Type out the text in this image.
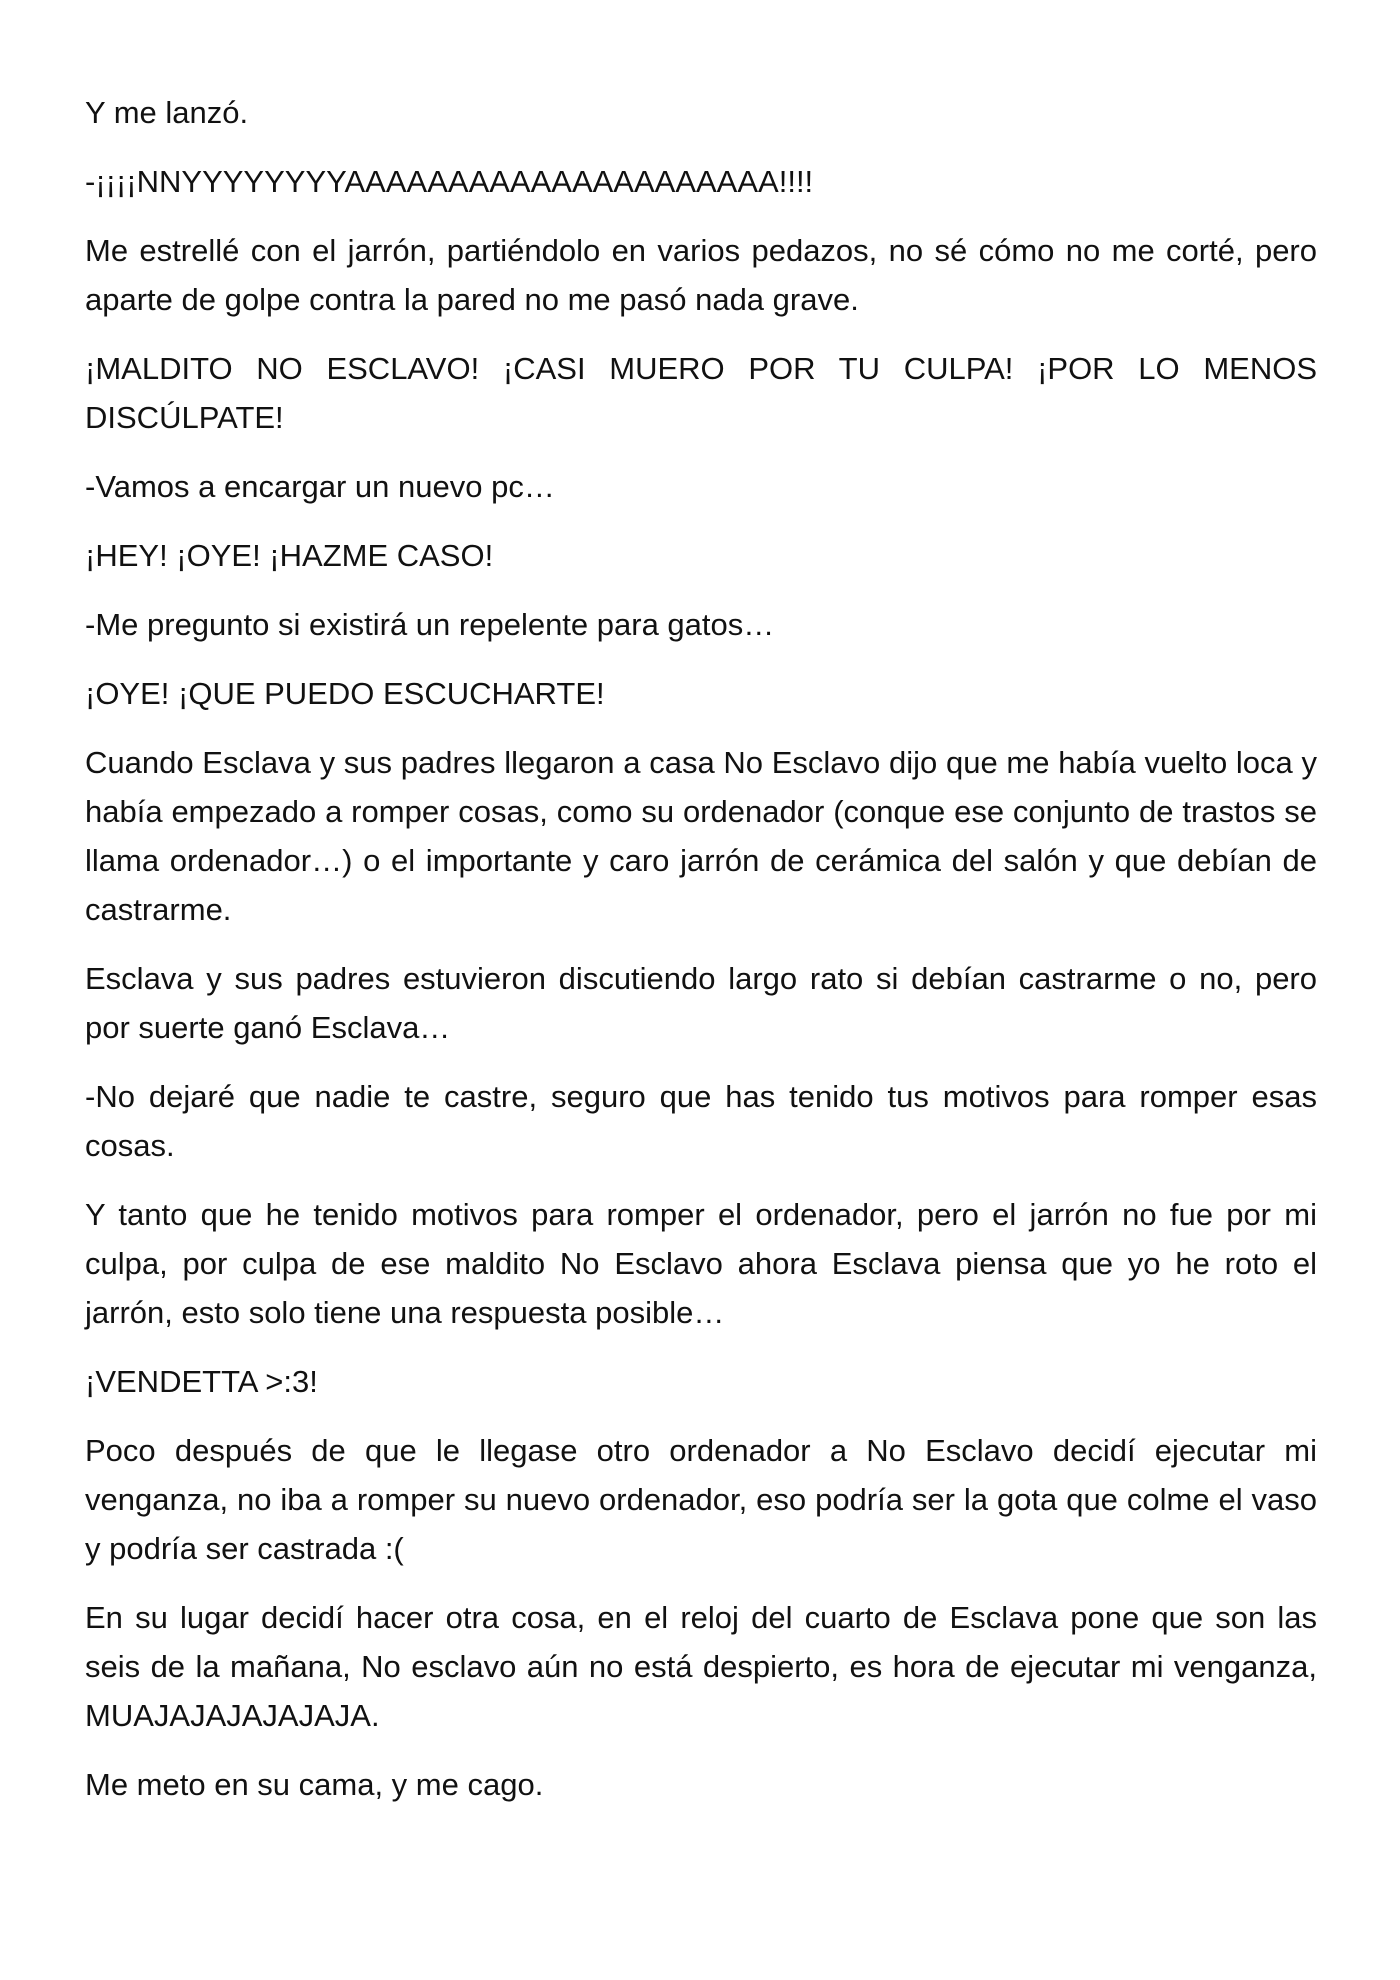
Y me lanzó.

-¡¡¡¡NNYYYYYYYYAAAAAAAAAAAAAAAAAAAAA!!!!

Me estrellé con el jarrón, partiéndolo en varios pedazos, no sé cómo no me corté, pero aparte de golpe contra la pared no me pasó nada grave.

¡MALDITO NO ESCLAVO! ¡CASI MUERO POR TU CULPA! ¡POR LO MENOS DISCÚLPATE!

-Vamos a encargar un nuevo pc…

¡HEY! ¡OYE! ¡HAZME CASO!

-Me pregunto si existirá un repelente para gatos…

¡OYE! ¡QUE PUEDO ESCUCHARTE!

Cuando Esclava y sus padres llegaron a casa No Esclavo dijo que me había vuelto loca y había empezado a romper cosas, como su ordenador (conque ese conjunto de trastos se llama ordenador…) o el importante y caro jarrón de cerámica del salón y que debían de castrarme.

Esclava y sus padres estuvieron discutiendo largo rato si debían castrarme o no, pero por suerte ganó Esclava…

-No dejaré que nadie te castre, seguro que has tenido tus motivos para romper esas cosas.

Y tanto que he tenido motivos para romper el ordenador, pero el jarrón no fue por mi culpa, por culpa de ese maldito No Esclavo ahora Esclava piensa que yo he roto el jarrón, esto solo tiene una respuesta posible…

¡VENDETTA >:3!

Poco después de que le llegase otro ordenador a No Esclavo decidí ejecutar mi venganza, no iba a romper su nuevo ordenador, eso podría ser la gota que colme el vaso y podría ser castrada :(

En su lugar decidí hacer otra cosa, en el reloj del cuarto de Esclava pone que son las seis de la mañana, No esclavo aún no está despierto, es hora de ejecutar mi venganza, MUAJAJAJAJAJAJA.

Me meto en su cama, y me cago.
